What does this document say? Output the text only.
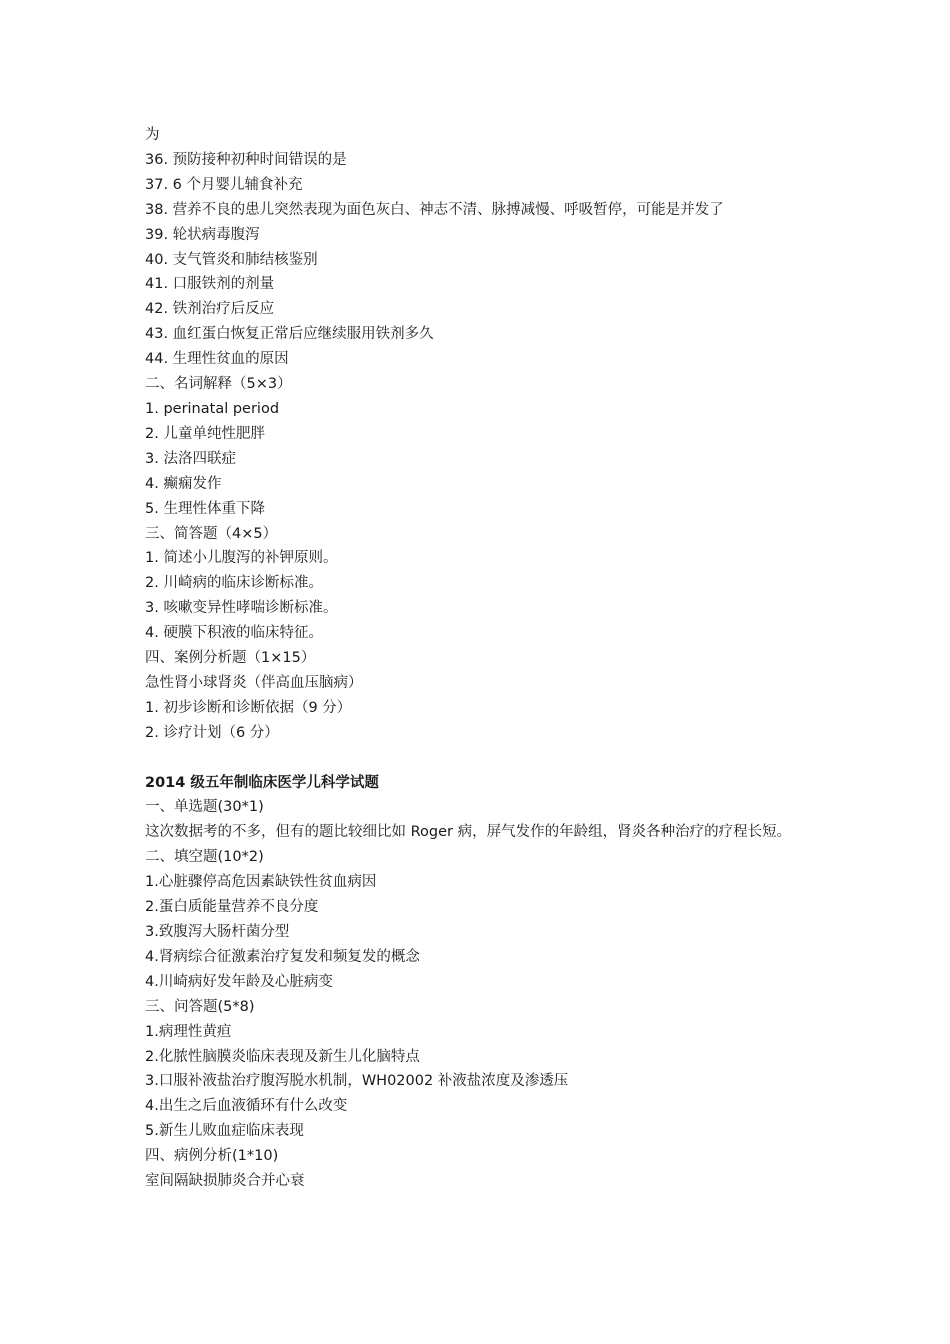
为
36. 预防接种初种时间错误的是
37. 6 个月婴儿辅食补充
38. 营养不良的患儿突然表现为面色灰白、神志不清、脉搏减慢、呼吸暂停，可能是并发了
39. 轮状病毒腹泻
40. 支气管炎和肺结核鉴别
41. 口服铁剂的剂量
42. 铁剂治疗后反应
43. 血红蛋白恢复正常后应继续服用铁剂多久
44. 生理性贫血的原因
二、名词解释（5×3）
1. perinatal period
2. 儿童单纯性肥胖
3. 法洛四联症
4. 癫痫发作
5. 生理性体重下降
三、简答题（4×5）
1. 简述小儿腹泻的补钾原则。
2. 川崎病的临床诊断标准。
3. 咳嗽变异性哮喘诊断标准。
4. 硬膜下积液的临床特征。
四、案例分析题（1×15）
急性肾小球肾炎（伴高血压脑病）
1. 初步诊断和诊断依据（9 分）
2. 诊疗计划（6 分）
2014 级五年制临床医学儿科学试题
一、单选题(30*1)
这次数据考的不多，但有的题比较细比如 Roger 病，屏气发作的年龄组，肾炎各种治疗的疗程长短。
二、填空题(10*2)
1.心脏骤停高危因素缺铁性贫血病因
2.蛋白质能量营养不良分度
3.致腹泻大肠杆菌分型
4.肾病综合征激素治疗复发和频复发的概念
4.川崎病好发年龄及心脏病变
三、问答题(5*8)
1.病理性黄疸
2.化脓性脑膜炎临床表现及新生儿化脑特点
3.口服补液盐治疗腹泻脱水机制，WH02002 补液盐浓度及渗透压
4.出生之后血液循环有什么改变
5.新生儿败血症临床表现
四、病例分析(1*10)
室间隔缺损肺炎合并心衰
